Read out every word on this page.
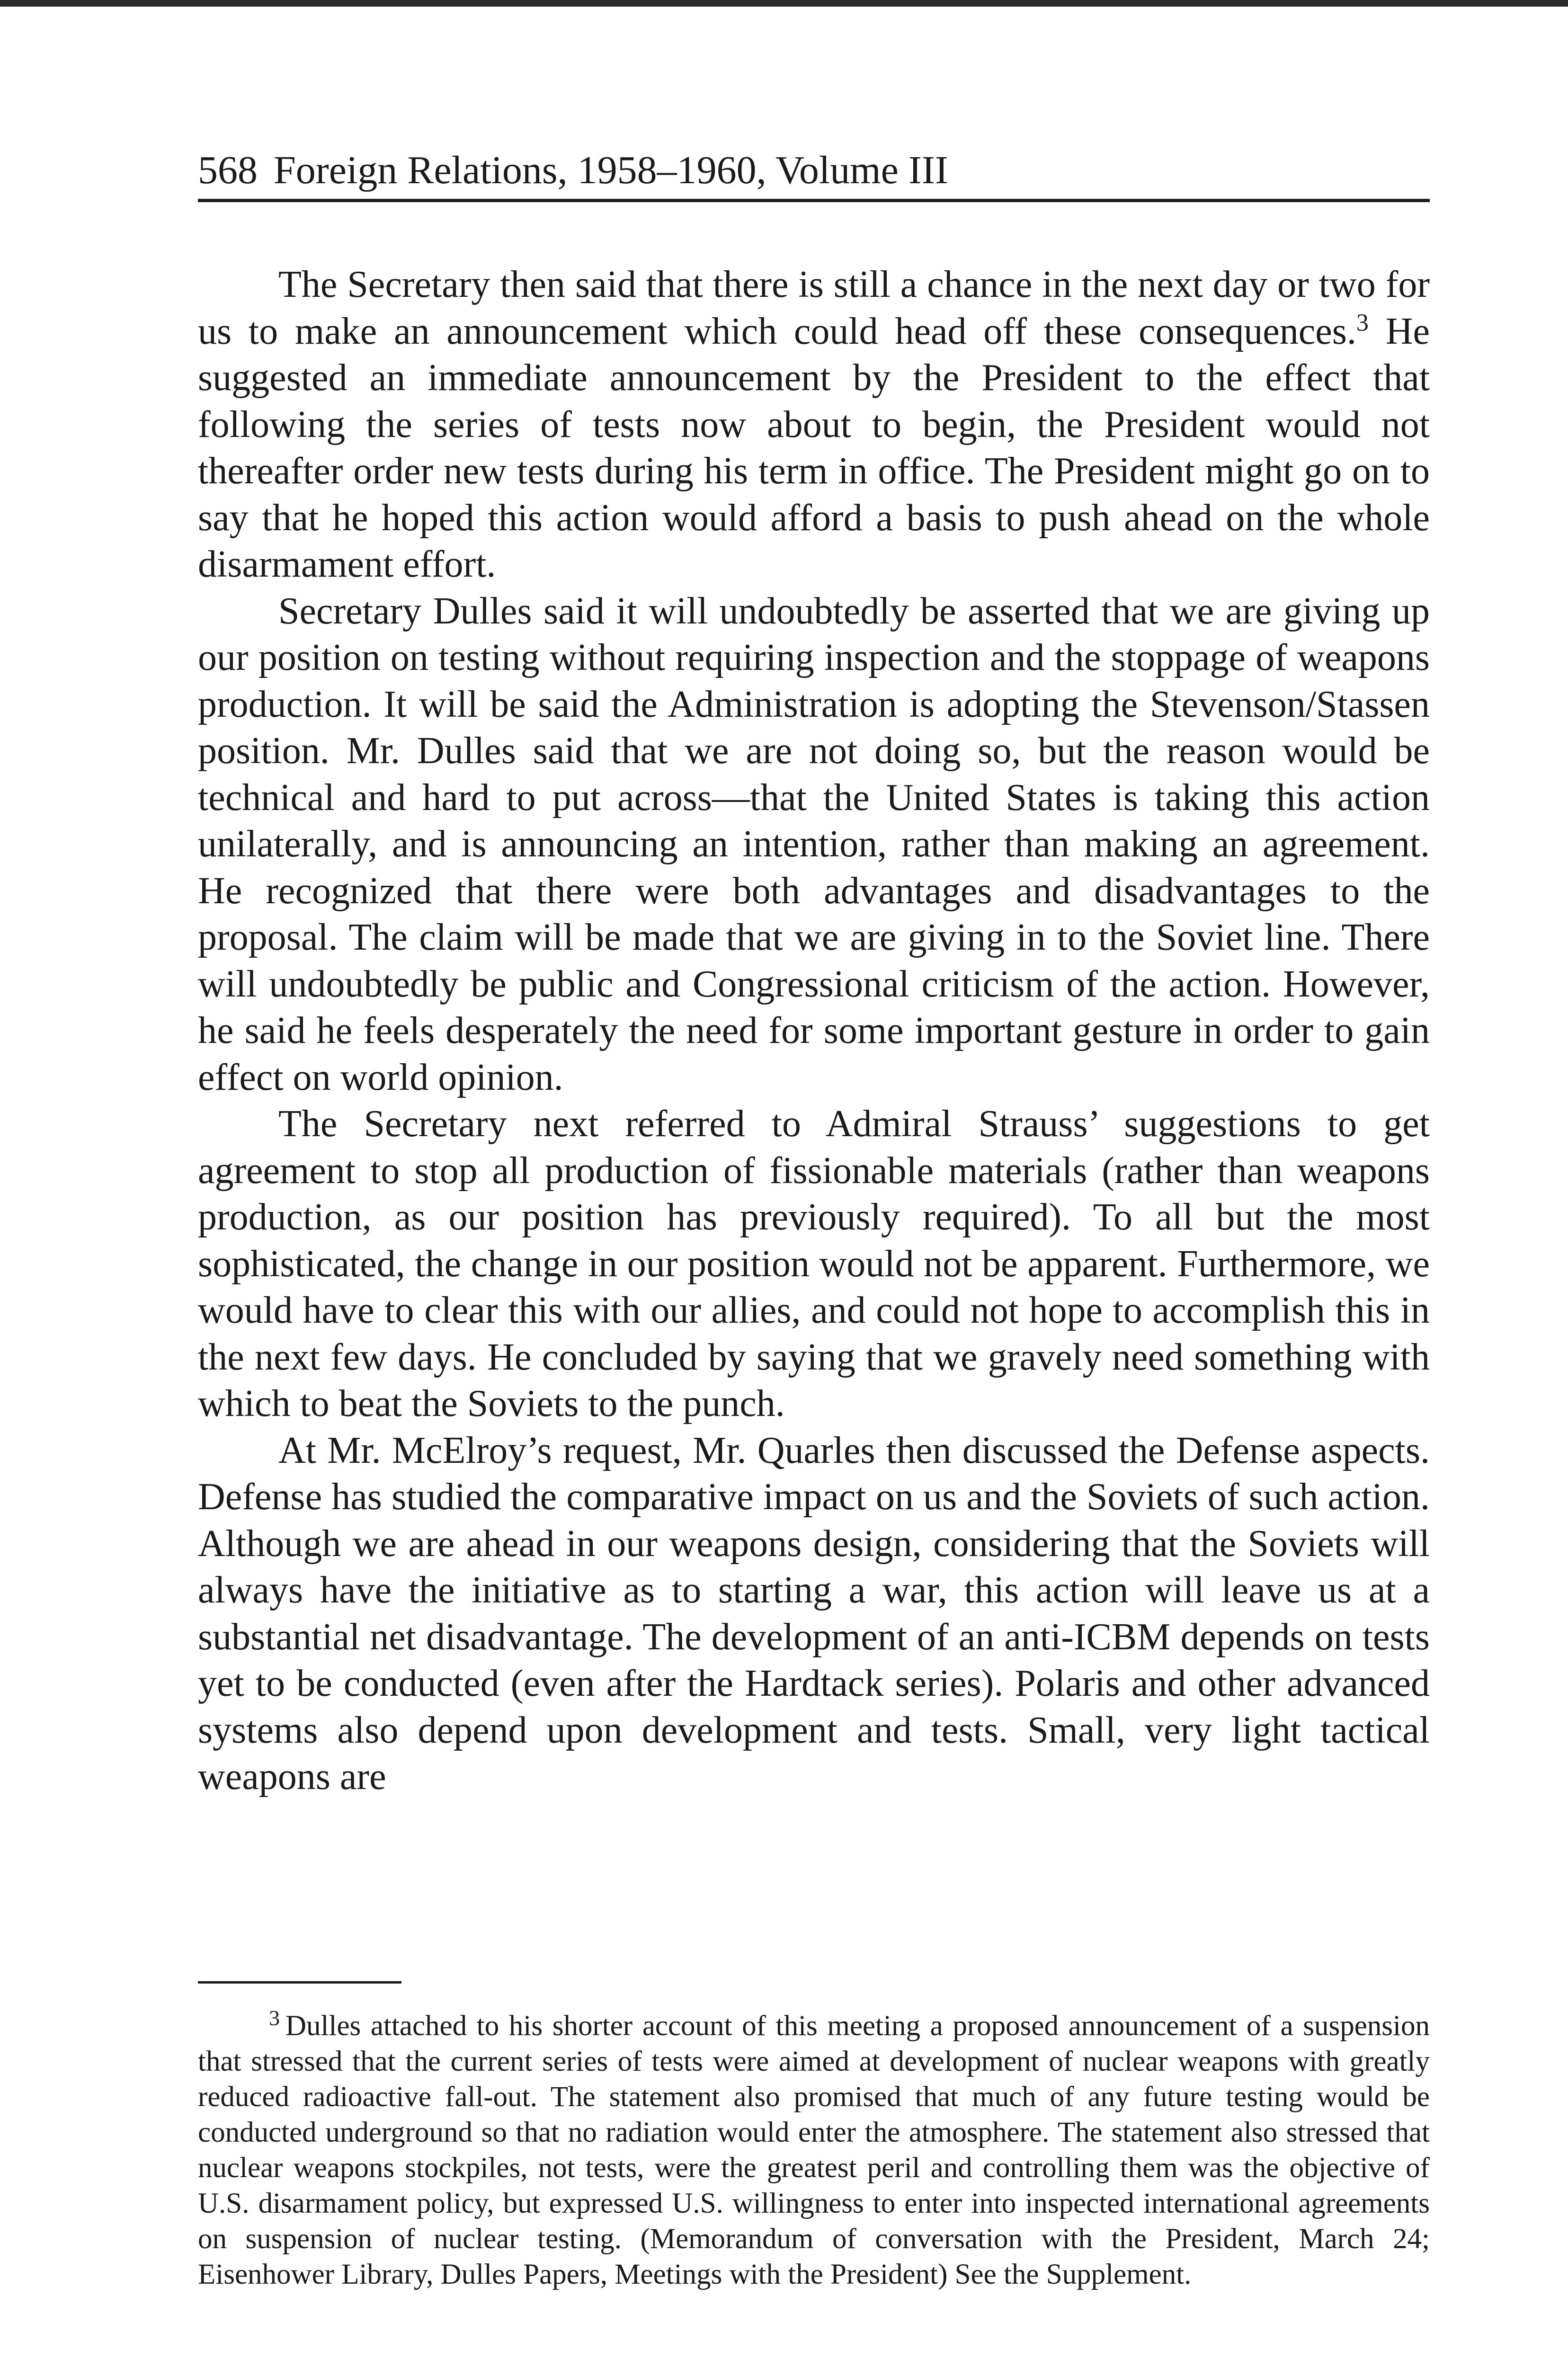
568 Foreign Relations, 1958–1960, Volume III

The Secretary then said that there is still a chance in the next day or two for us to make an announcement which could head off these consequences.$^3$ He suggested an immediate announcement by the President to the effect that following the series of tests now about to begin, the President would not thereafter order new tests during his term in office. The President might go on to say that he hoped this action would afford a basis to push ahead on the whole disarmament effort.

Secretary Dulles said it will undoubtedly be asserted that we are giving up our position on testing without requiring inspection and the stoppage of weapons production. It will be said the Administration is adopting the Stevenson/Stassen position. Mr. Dulles said that we are not doing so, but the reason would be technical and hard to put across—that the United States is taking this action unilaterally, and is announcing an intention, rather than making an agreement. He recognized that there were both advantages and disadvantages to the proposal. The claim will be made that we are giving in to the Soviet line. There will undoubtedly be public and Congressional criticism of the action. However, he said he feels desperately the need for some important gesture in order to gain effect on world opinion.

The Secretary next referred to Admiral Strauss’ suggestions to get agreement to stop all production of fissionable materials (rather than weapons production, as our position has previously required). To all but the most sophisticated, the change in our position would not be apparent. Furthermore, we would have to clear this with our allies, and could not hope to accomplish this in the next few days. He concluded by saying that we gravely need something with which to beat the Soviets to the punch.

At Mr. McElroy’s request, Mr. Quarles then discussed the Defense aspects. Defense has studied the comparative impact on us and the Soviets of such action. Although we are ahead in our weapons design, considering that the Soviets will always have the initiative as to starting a war, this action will leave us at a substantial net disadvantage. The development of an anti-ICBM depends on tests yet to be conducted (even after the Hardtack series). Polaris and other advanced systems also depend upon development and tests. Small, very light tactical weapons are

$^3$ Dulles attached to his shorter account of this meeting a proposed announcement of a suspension that stressed that the current series of tests were aimed at development of nuclear weapons with greatly reduced radioactive fall-out. The statement also promised that much of any future testing would be conducted underground so that no radiation would enter the atmosphere. The statement also stressed that nuclear weapons stockpiles, not tests, were the greatest peril and controlling them was the objective of U.S. disarmament policy, but expressed U.S. willingness to enter into inspected international agreements on suspension of nuclear testing. (Memorandum of conversation with the President, March 24; Eisenhower Library, Dulles Papers, Meetings with the President) See the Supplement.
